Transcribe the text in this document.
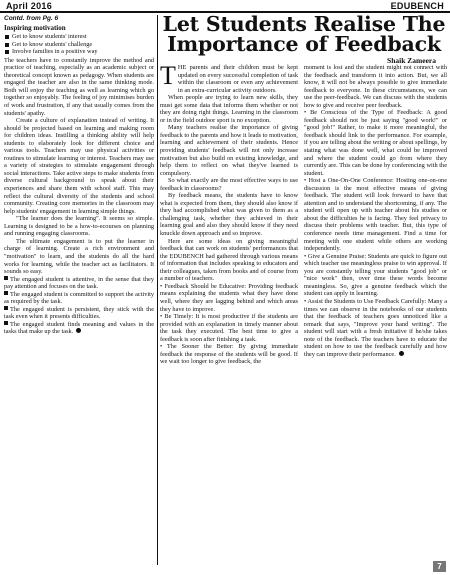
April 2016	EDUBENCH
Contd. from Pg. 6
Inspiring motivation
Get to know students' interest
Get to know students' challenge
Involve families in a positive way

The teachers have to constantly improve the method and practice of teaching, especially as an academic subject or theoretical concept known as pedagogy. When students are engaged the teacher are also in the same thinking mode. Both will enjoy the teaching as well as learning which go together so enjoyably. The feeling of joy minimises burden of work and frustration, if any that usually comes from the students' apathy.

Create a culture of explanation instead of writing. It should be projected based on learning and making room for children ideas. Instilling a thinking ability will help students to elaborately look for different choice and various tools. Teachers may use physical activities or routines to stimulate learning or interest. Teachers may use a variety of strategies to stimulate engagement through social interactions. Take active steps to make students from diverse cultural background to speak about their experiences and share them with school staff. This may reflect the cultural diversity of the students and school community. Creating core memories in the classroom may help students' engagement in learning simple things.

"The learner does the learning". It seems so simple. Learning is designed to be a how-to-ecourses on planning and running engaging classrooms.

The ultimate engagement is to put the learner in charge of learning. Create a rich environment and "motivation" to learn, and the students do all the hard works for learning, while the teacher act as facilitators. It sounds so easy.

The engaged student is attentive, in the sense that they pay attention and focuses on the task.

The engaged student is committed to support the activity as required by the task.

The engaged student is persistent, they stick with the task even when it presents difficulties.

The engaged student finds meaning and values in the tasks that make up the task.

Let Students Realise The Importance of Feedback
Shaik Zameera

THE parents and their children must be kept updated on every successful completion of task within the classroom or even any achievement in an extra-curricular activity outdoors.

When people are trying to learn new skills, they must get some data that informs them whether or not they are doing right things. Learning in the classroom or in the field outdoor sport is no exception.

Many teachers realise the importance of giving feedback to the parents and how it leads to motivation, learning and achievement of their students. Hence providing students' feedback will not only increase motivation but also build on existing knowledge, and help them to reflect on what they've learned is compulsory.

So what exactly are the most effective ways to use feedback in classrooms?

By feedback means, the students have to know what is expected from them, they should also know if they had accomplished what was given to them as a challenging task, whether they achieved in their learning goal and also they should know if they need knuckle down approach and so improve.

Here are some ideas on giving meaningful feedback that can work on students' performances that the EDUBENCH had gathered through various means of information that includes speaking to educators and their colleagues, taken from books and of course from a number of teachers.

• Feedback Should be Educative: Providing feedback means explaining the students what they have done well, where they are lagging behind and which areas they have to improve.

• Be Timely: It is most productive if the students are provided with an explanation in timely manner about the task they executed. The best time to give a feedback is soon after finishing a task.

• The Sooner the Better: By giving immediate feedback the response of the students will be good. If we wait too longer to give feedback, the

moment is lost and the student might not connect with the feedback and transform it into action. But, we all know, it will not be always possible to give immediate feedback to everyone. In these circumstances, we can use the peer-feedback. We can discuss with the students how to give and receive peer feedback.

• Be Conscious of the Type of Feedback: A good feedback should not be just saying "good work!" or "good job!" Rather, to make it more meaningful, the feedback should link to the performance. For example, if you are telling about the writing or about spellings, by stating what was done well, what could be improved and where the student could go from where they currently are. This can be done by conferencing with the student.

• Host a One-On-One Conference: Hosting one-on-one discussion is the most effective means of giving feedback. The student will look forward to have that attention and to understand the shortcoming, if any. The student will open up with teacher about his studies or about the difficulties he is facing. They feel privacy to discuss their problems with teacher. But, this type of conference needs time management. Find a time for meeting with one student while others are working independently.

• Give a Genuine Praise: Students are quick to figure out which teacher use meaningless praise to win approval. If you are constantly telling your students "good job" or "nice work" then, over time these words become meaningless. So, give a genuine feedback which the student can apply in learning.

• Assist the Students to Use Feedback Carefully: Many a times we can observe in the notebooks of our students that the feedback of teachers goes unnoticed like a remark that says, "Improve your hand writing". The student will start with a fresh initiative if he/she takes note of the feedback. The teachers have to educate the student on how to use the feedback carefully and how they can improve their performance.

7
